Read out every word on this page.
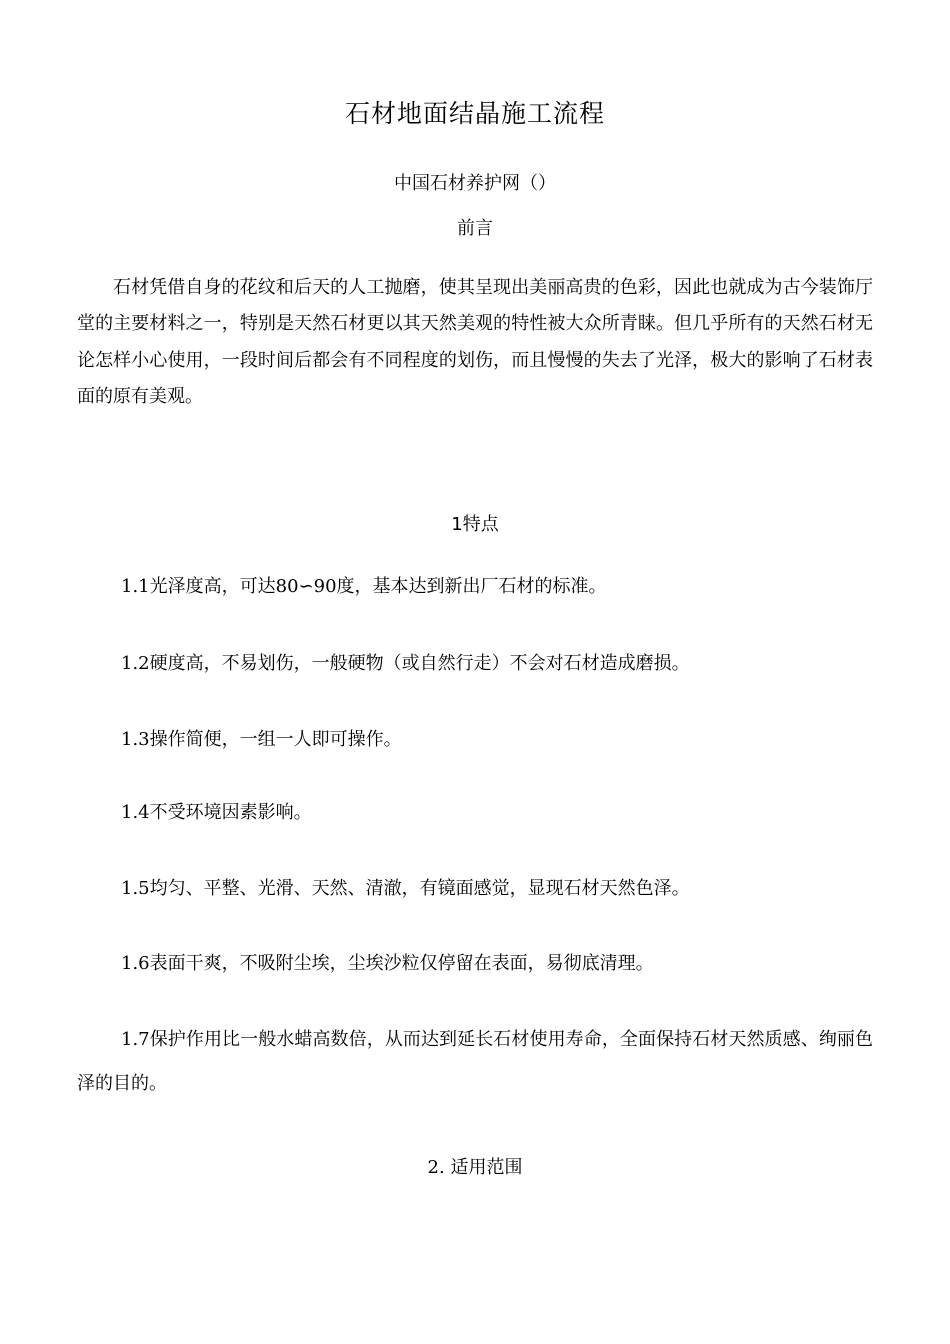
石材地面结晶施工流程
中国石材养护网（）
前言

石材凭借自身的花纹和后天的人工抛磨，使其呈现出美丽高贵的色彩，因此也就成为古今装饰厅堂的主要材料之一，特别是天然石材更以其天然美观的特性被大众所青睐。但几乎所有的天然石材无论怎样小心使用，一段时间后都会有不同程度的划伤，而且慢慢的失去了光泽，极大的影响了石材表面的原有美观。

1特点

1.1光泽度高，可达80∽90度，基本达到新出厂石材的标准。

1.2硬度高，不易划伤，一般硬物（或自然行走）不会对石材造成磨损。

1.3操作简便，一组一人即可操作。

1.4不受环境因素影响。

1.5均匀、平整、光滑、天然、清澈，有镜面感觉，显现石材天然色泽。

1.6表面干爽，不吸附尘埃，尘埃沙粒仅停留在表面，易彻底清理。

1.7保护作用比一般水蜡高数倍，从而达到延长石材使用寿命，全面保持石材天然质感、绚丽色泽的目的。

2. 适用范围
